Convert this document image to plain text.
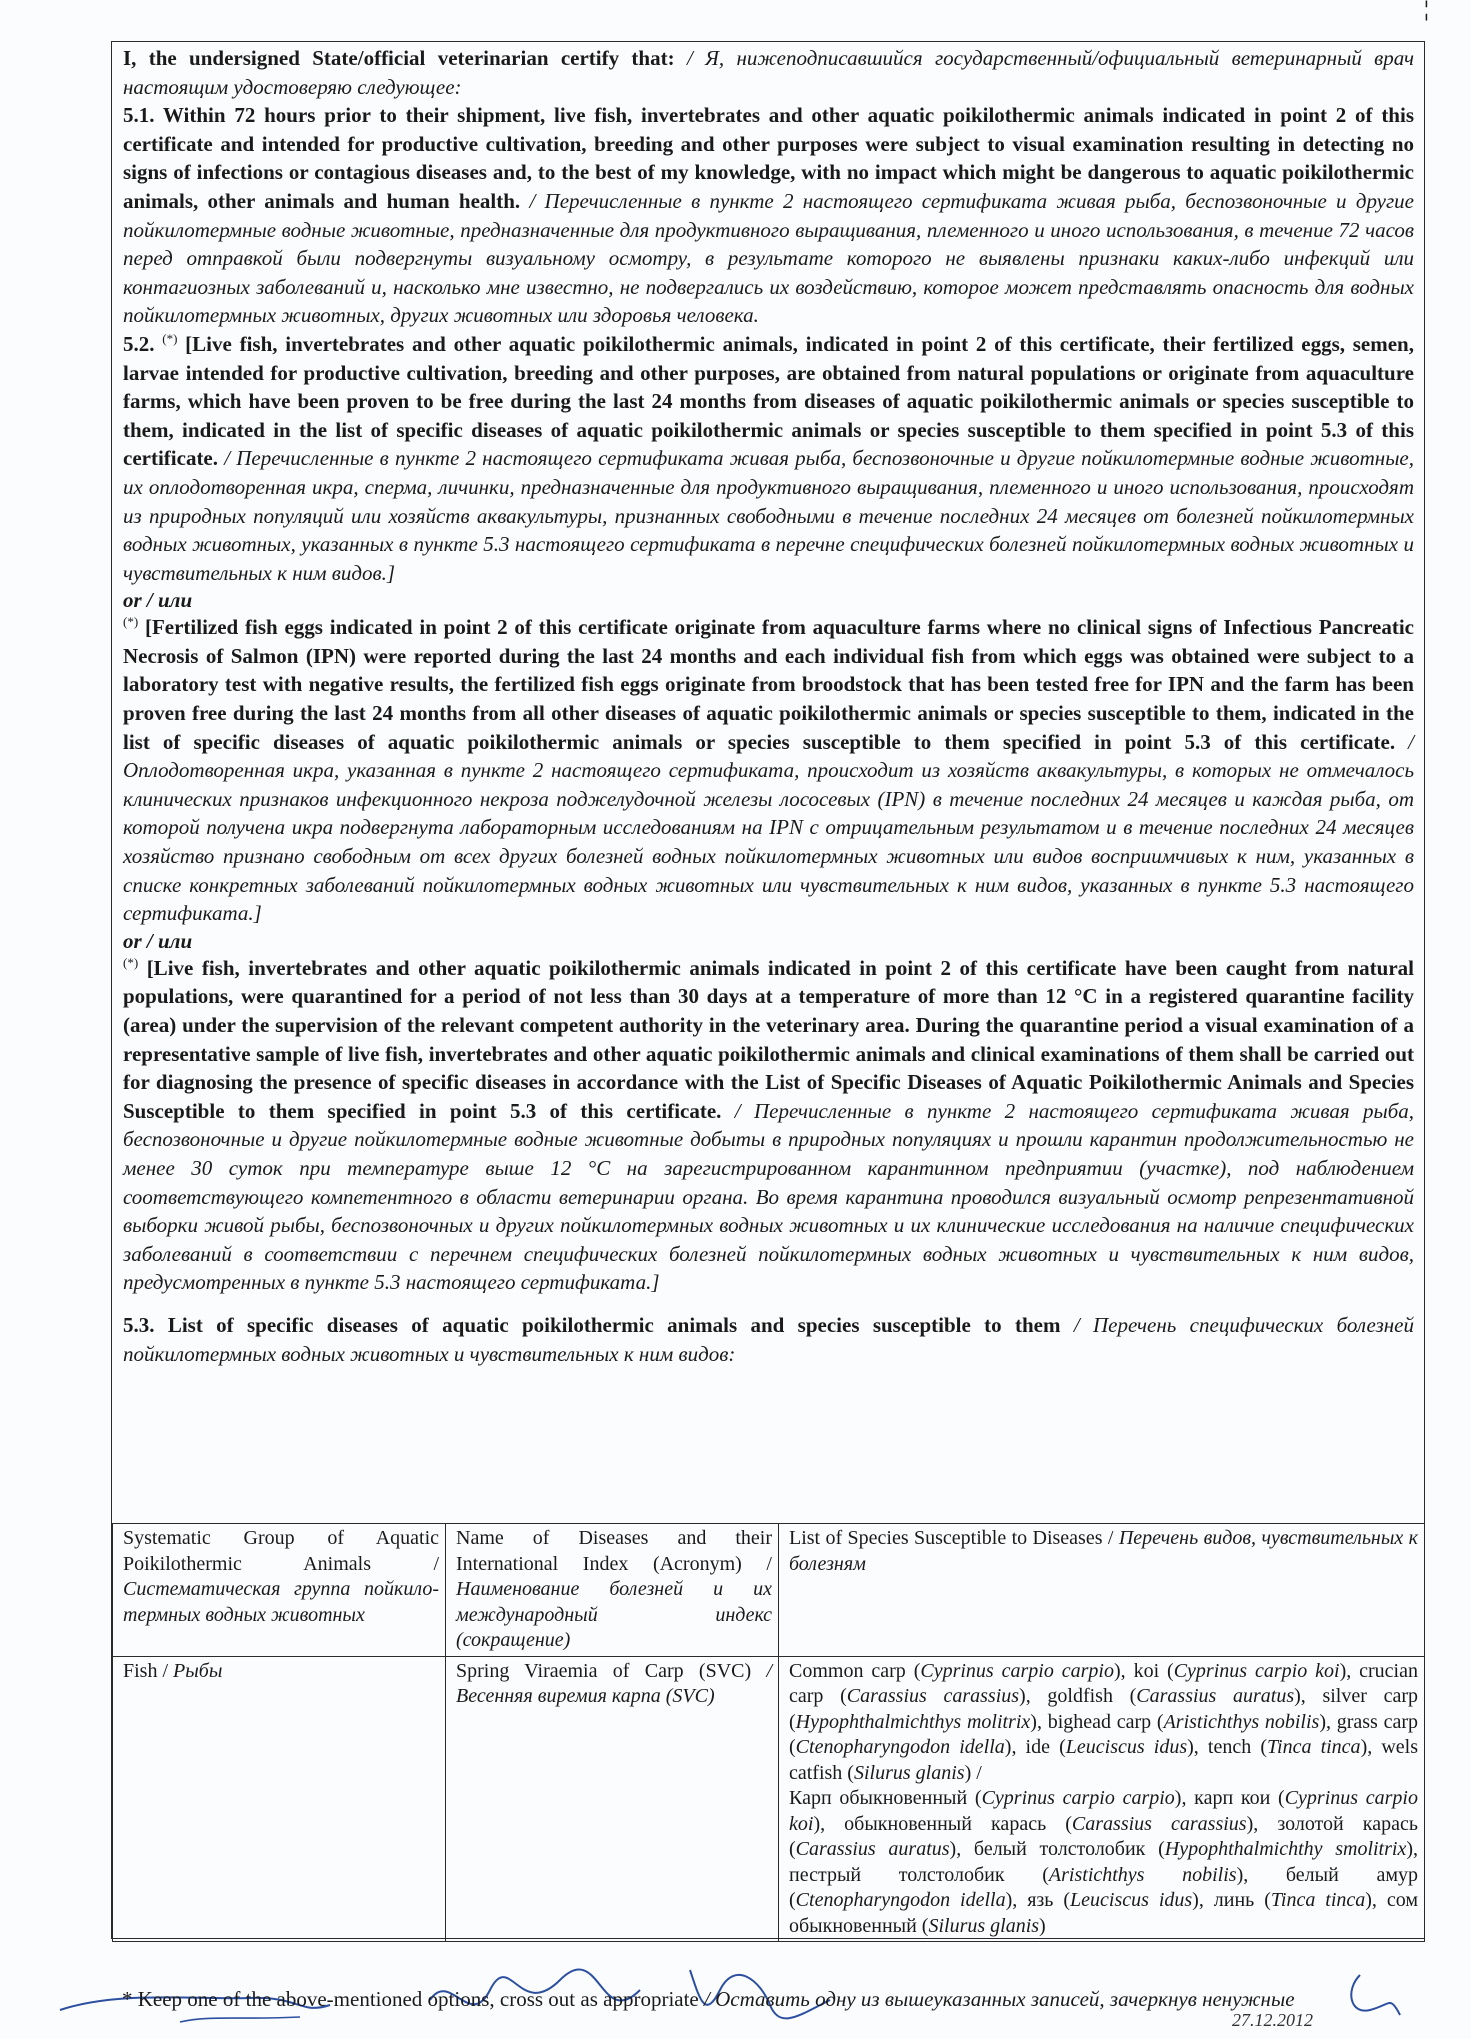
¦

I, the undersigned State/official veterinarian certify that: / Я, нижеподписавшийся государственный/официальный ветеринарный врач настоящим удостоверяю следующее:

5.1. Within 72 hours prior to their shipment, live fish, invertebrates and other aquatic poikilothermic animals indicated in point 2 of this certificate and intended for productive cultivation, breeding and other purposes were subject to visual examination resulting in detecting no signs of infections or contagious diseases and, to the best of my knowledge, with no impact which might be dangerous to aquatic poikilothermic animals, other animals and human health. / Перечисленные в пункте 2 настоящего сертификата живая рыба, беспозвоночные и другие пойкилотермные водные животные, предназначенные для продуктивного выращивания, племенного и иного использования, в течение 72 часов перед отправкой были подвергнуты визуальному осмотру, в результате которого не выявлены признаки каких-либо инфекций или контагиозных заболеваний и, насколько мне известно, не подвергались их воздействию, которое может представлять опасность для водных пойкилотермных животных, других животных или здоровья человека.

5.2. (*) [Live fish, invertebrates and other aquatic poikilothermic animals, indicated in point 2 of this certificate, their fertilized eggs, semen, larvae intended for productive cultivation, breeding and other purposes, are obtained from natural populations or originate from aquaculture farms, which have been proven to be free during the last 24 months from diseases of aquatic poikilothermic animals or species susceptible to them, indicated in the list of specific diseases of aquatic poikilothermic animals or species susceptible to them specified in point 5.3 of this certificate. / Перечисленные в пункте 2 настоящего сертификата живая рыба, беспозвоночные и другие пойкилотермные водные животные, их оплодотворенная икра, сперма, личинки, предназначенные для продуктивного выращивания, племенного и иного использования, происходят из природных популяций или хозяйств аквакультуры, признанных свободными в течение последних 24 месяцев от болезней пойкилотермных водных животных, указанных в пункте 5.3 настоящего сертификата в перечне специфических болезней пойкилотермных водных животных и чувствительных к ним видов.]

or / или

(*) [Fertilized fish eggs indicated in point 2 of this certificate originate from aquaculture farms where no clinical signs of Infectious Pancreatic Necrosis of Salmon (IPN) were reported during the last 24 months and each individual fish from which eggs was obtained were subject to a laboratory test with negative results, the fertilized fish eggs originate from broodstock that has been tested free for IPN and the farm has been proven free during the last 24 months from all other diseases of aquatic poikilothermic animals or species susceptible to them, indicated in the list of specific diseases of aquatic poikilothermic animals or species susceptible to them specified in point 5.3 of this certificate. / Оплодотворенная икра, указанная в пункте 2 настоящего сертификата, происходит из хозяйств аквакультуры, в которых не отмечалось клинических признаков инфекционного некроза поджелудочной железы лососевых (IPN) в течение последних 24 месяцев и каждая рыба, от которой получена икра подвергнута лабораторным исследованиям на IPN с отрицательным результатом и в течение последних 24 месяцев хозяйство признано свободным от всех других болезней водных пойкилотермных животных или видов восприимчивых к ним, указанных в списке конкретных заболеваний пойкилотермных водных животных или чувствительных к ним видов, указанных в пункте 5.3 настоящего сертификата.]

or / или

(*) [Live fish, invertebrates and other aquatic poikilothermic animals indicated in point 2 of this certificate have been caught from natural populations, were quarantined for a period of not less than 30 days at a temperature of more than 12 °C in a registered quarantine facility (area) under the supervision of the relevant competent authority in the veterinary area. During the quarantine period a visual examination of a representative sample of live fish, invertebrates and other aquatic poikilothermic animals and clinical examinations of them shall be carried out for diagnosing the presence of specific diseases in accordance with the List of Specific Diseases of Aquatic Poikilothermic Animals and Species Susceptible to them specified in point 5.3 of this certificate. / Перечисленные в пункте 2 настоящего сертификата живая рыба, беспозвоночные и другие пойкилотермные водные животные добыты в природных популяциях и прошли карантин продолжительностью не менее 30 суток при температуре выше 12 °C на зарегистрированном карантинном предприятии (участке), под наблюдением соответствующего компетентного в области ветеринарии органа. Во время карантина проводился визуальный осмотр репрезентативной выборки живой рыбы, беспозвоночных и других пойкилотермных водных животных и их клинические исследования на наличие специфических заболеваний в соответствии с перечнем специфических болезней пойкилотермных водных животных и чувствительных к ним видов, предусмотренных в пункте 5.3 настоящего сертификата.]

5.3. List of specific diseases of aquatic poikilothermic animals and species susceptible to them / Перечень специфических болезней пойкилотермных водных животных и чувствительных к ним видов:

Systematic Group of Aquatic Poikilothermic Animals / Систематическая группа пойкило-термных водных животных	Name of Diseases and their International Index (Acronym) / Наименование болезней и их международный индекс (сокращение)	List of Species Susceptible to Diseases / Перечень видов, чувствительных к болезням
Fish / Рыбы	Spring Viraemia of Carp (SVC) / Весенняя виремия карпа (SVC)	Common carp (Cyprinus carpio carpio), koi (Cyprinus carpio koi), crucian carp (Carassius carassius), goldfish (Carassius auratus), silver carp (Hypophthalmichthys molitrix), bighead carp (Aristichthys nobilis), grass carp (Ctenopharyngodon idella), ide (Leuciscus idus), tench (Tinca tinca), wels catfish (Silurus glanis) /
Карп обыкновенный (Cyprinus carpio carpio), карп кои (Cyprinus carpio koi), обыкновенный карась (Carassius carassius), золотой карась (Carassius auratus), белый толстолобик (Hypophthalmichthy smolitrix), пестрый толстолобик (Aristichthys nobilis), белый амур (Ctenopharyngodon idella), язь (Leuciscus idus), линь (Tinca tinca), сом обыкновенный (Silurus glanis)
* Keep one of the above-mentioned options, cross out as appropriate / Оставить одну из вышеуказанных записей, зачеркнув ненужные
27.12.2012
